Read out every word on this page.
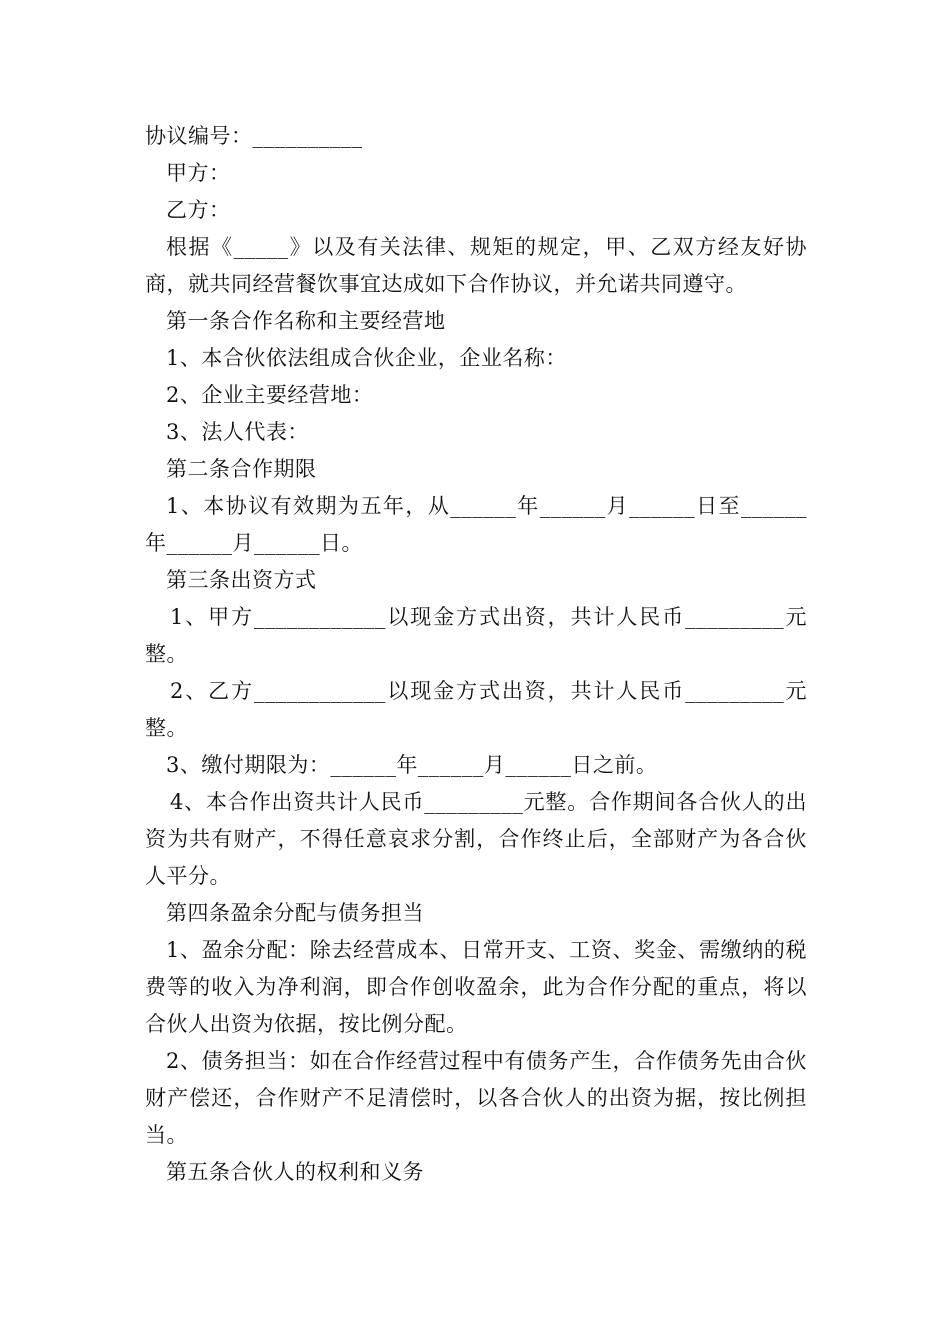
协议编号：__________

甲方：

乙方：

根据《_____》以及有关法律、规矩的规定，甲、乙双方经友好协商，就共同经营餐饮事宜达成如下合作协议，并允诺共同遵守。

第一条合作名称和主要经营地

1、本合伙依法组成合伙企业，企业名称：

2、企业主要经营地：

3、法人代表：

第二条合作期限

1、本协议有效期为五年，从______年______月______日至______年______月______日。

第三条出资方式

1、甲方____________以现金方式出资，共计人民币_________元整。

2、乙方____________以现金方式出资，共计人民币_________元整。

3、缴付期限为：______年______月______日之前。

4、本合作出资共计人民币_________元整。合作期间各合伙人的出资为共有财产，不得任意哀求分割，合作终止后，全部财产为各合伙人平分。

第四条盈余分配与债务担当

1、盈余分配：除去经营成本、日常开支、工资、奖金、需缴纳的税费等的收入为净利润，即合作创收盈余，此为合作分配的重点，将以合伙人出资为依据，按比例分配。

2、债务担当：如在合作经营过程中有债务产生，合作债务先由合伙财产偿还，合作财产不足清偿时，以各合伙人的出资为据，按比例担当。

第五条合伙人的权利和义务
